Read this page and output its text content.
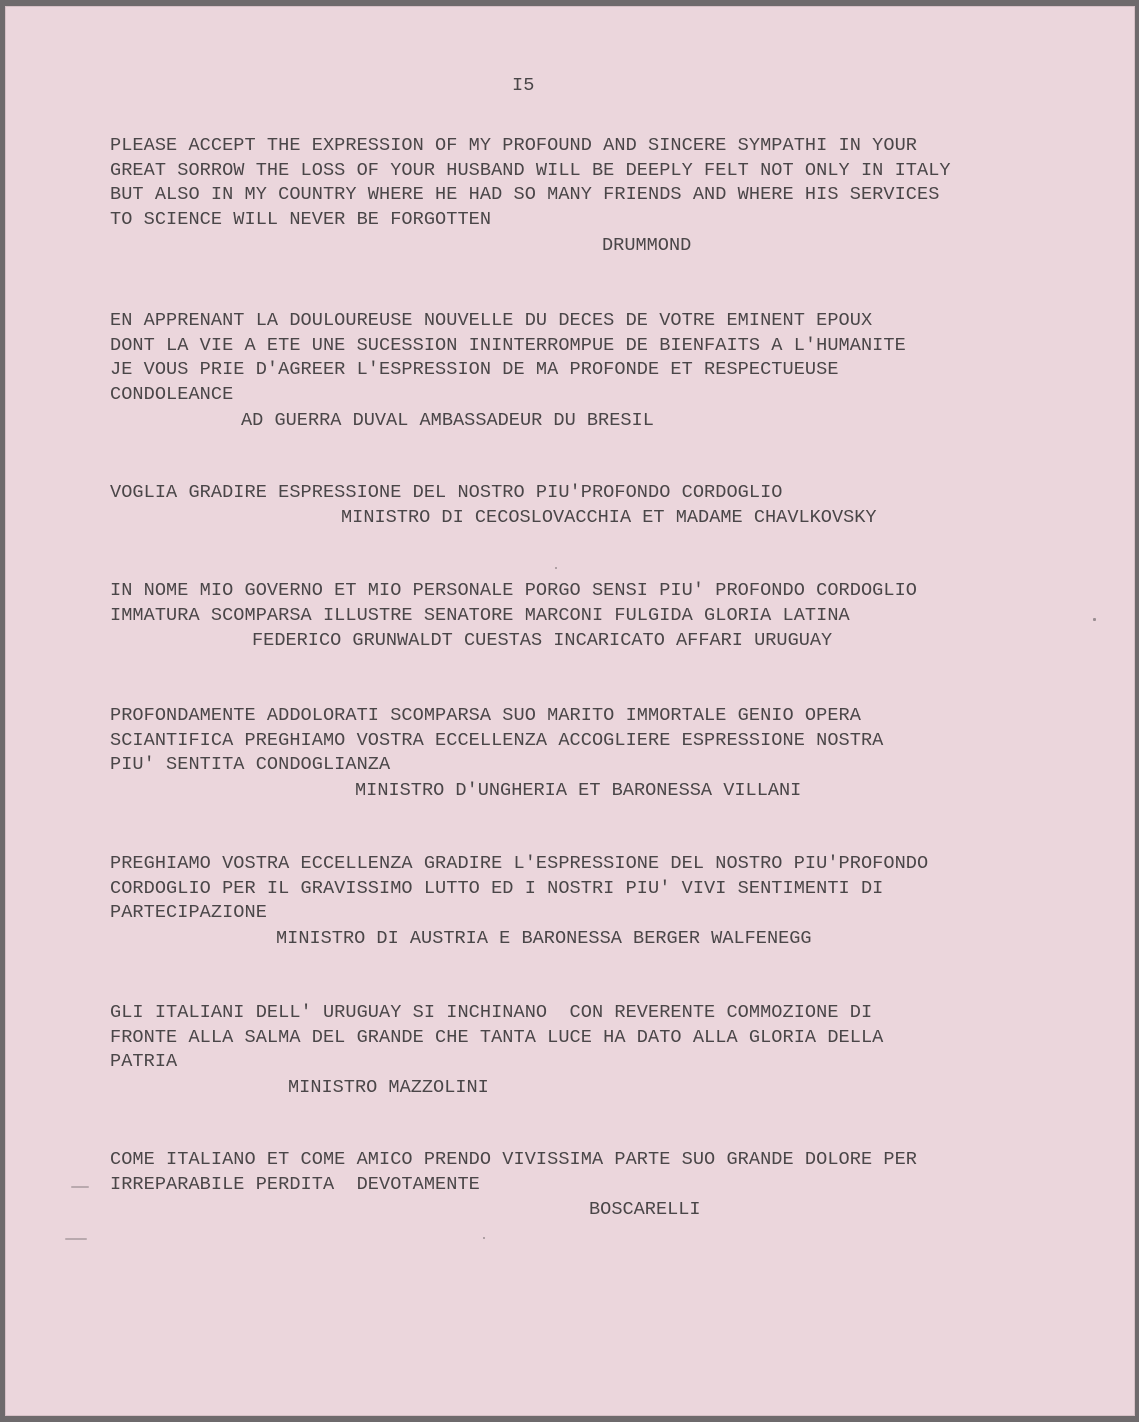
I5
PLEASE ACCEPT THE EXPRESSION OF MY PROFOUND AND SINCERE SYMPATHI IN YOUR
GREAT SORROW THE LOSS OF YOUR HUSBAND WILL BE DEEPLY FELT NOT ONLY IN ITALY
BUT ALSO IN MY COUNTRY WHERE HE HAD SO MANY FRIENDS AND WHERE HIS SERVICES
TO SCIENCE WILL NEVER BE FORGOTTEN
DRUMMOND
EN APPRENANT LA DOULOUREUSE NOUVELLE DU DECES DE VOTRE EMINENT EPOUX
DONT LA VIE A ETE UNE SUCESSION ININTERROMPUE DE BIENFAITS A L'HUMANITE
JE VOUS PRIE D'AGREER L'ESPRESSION DE MA PROFONDE ET RESPECTUEUSE
CONDOLEANCE
AD GUERRA DUVAL AMBASSADEUR DU BRESIL
VOGLIA GRADIRE ESPRESSIONE DEL NOSTRO PIU'PROFONDO CORDOGLIO
MINISTRO DI CECOSLOVACCHIA ET MADAME CHAVLKOVSKY
IN NOME MIO GOVERNO ET MIO PERSONALE PORGO SENSI PIU' PROFONDO CORDOGLIO
IMMATURA SCOMPARSA ILLUSTRE SENATORE MARCONI FULGIDA GLORIA LATINA
FEDERICO GRUNWALDT CUESTAS INCARICATO AFFARI URUGUAY
PROFONDAMENTE ADDOLORATI SCOMPARSA SUO MARITO IMMORTALE GENIO OPERA
SCIANTIFICA PREGHIAMO VOSTRA ECCELLENZA ACCOGLIERE ESPRESSIONE NOSTRA
PIU' SENTITA CONDOGLIANZA
MINISTRO D'UNGHERIA ET BARONESSA VILLANI
PREGHIAMO VOSTRA ECCELLENZA GRADIRE L'ESPRESSIONE DEL NOSTRO PIU'PROFONDO
CORDOGLIO PER IL GRAVISSIMO LUTTO ED I NOSTRI PIU' VIVI SENTIMENTI DI
PARTECIPAZIONE
MINISTRO DI AUSTRIA E BARONESSA BERGER WALFENEGG
GLI ITALIANI DELL' URUGUAY SI INCHINANO  CON REVERENTE COMMOZIONE DI
FRONTE ALLA SALMA DEL GRANDE CHE TANTA LUCE HA DATO ALLA GLORIA DELLA
PATRIA
MINISTRO MAZZOLINI
COME ITALIANO ET COME AMICO PRENDO VIVISSIMA PARTE SUO GRANDE DOLORE PER
IRREPARABILE PERDITA  DEVOTAMENTE
BOSCARELLI
